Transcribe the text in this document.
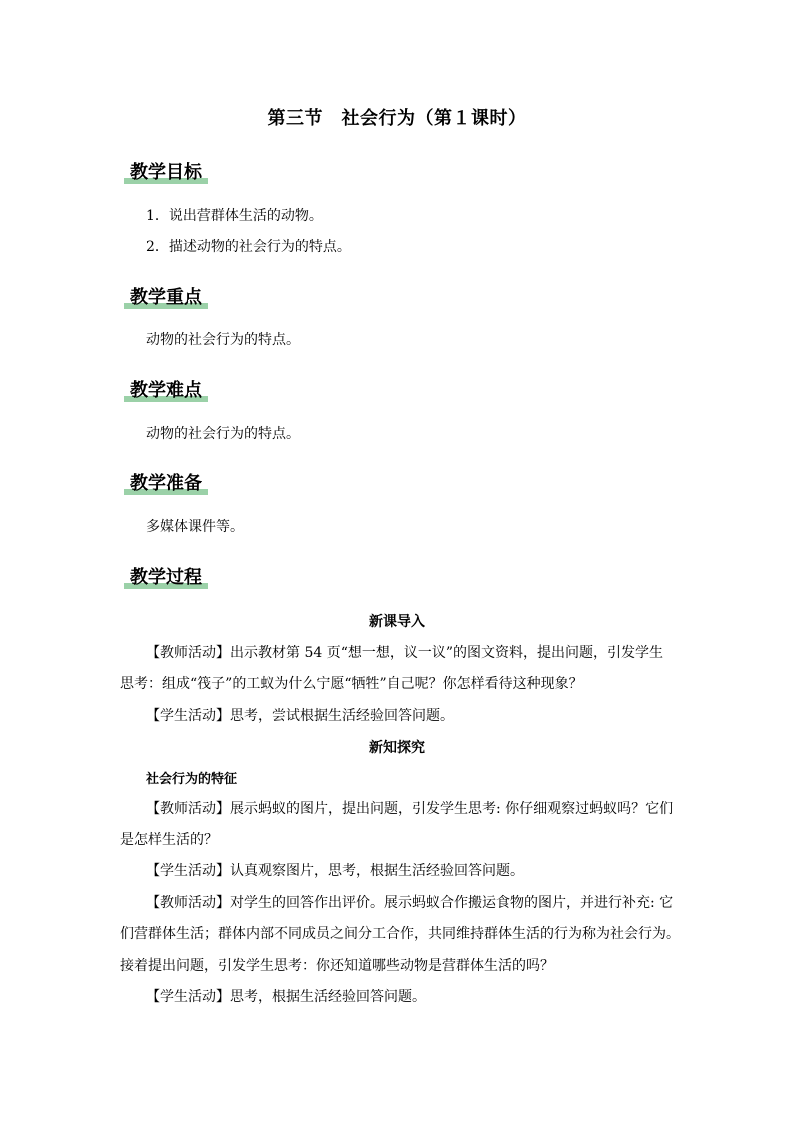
第三节　社会行为（第１课时）
教学目标
1．说出营群体生活的动物。
2．描述动物的社会行为的特点。
教学重点
动物的社会行为的特点。
教学难点
动物的社会行为的特点。
教学准备
多媒体课件等。
教学过程
新课导入
【教师活动】出示教材第 54 页“想一想，议一议”的图文资料，提出问题，引发学生
思考：组成“筏子”的工蚁为什么宁愿“牺牲”自己呢？你怎样看待这种现象？
【学生活动】思考，尝试根据生活经验回答问题。
新知探究
社会行为的特征
【教师活动】展示蚂蚁的图片，提出问题，引发学生思考: 你仔细观察过蚂蚁吗？它们
是怎样生活的？
【学生活动】认真观察图片，思考，根据生活经验回答问题。
【教师活动】对学生的回答作出评价。展示蚂蚁合作搬运食物的图片，并进行补充: 它
们营群体生活；群体内部不同成员之间分工合作，共同维持群体生活的行为称为社会行为。
接着提出问题，引发学生思考：你还知道哪些动物是营群体生活的吗？
【学生活动】思考，根据生活经验回答问题。
